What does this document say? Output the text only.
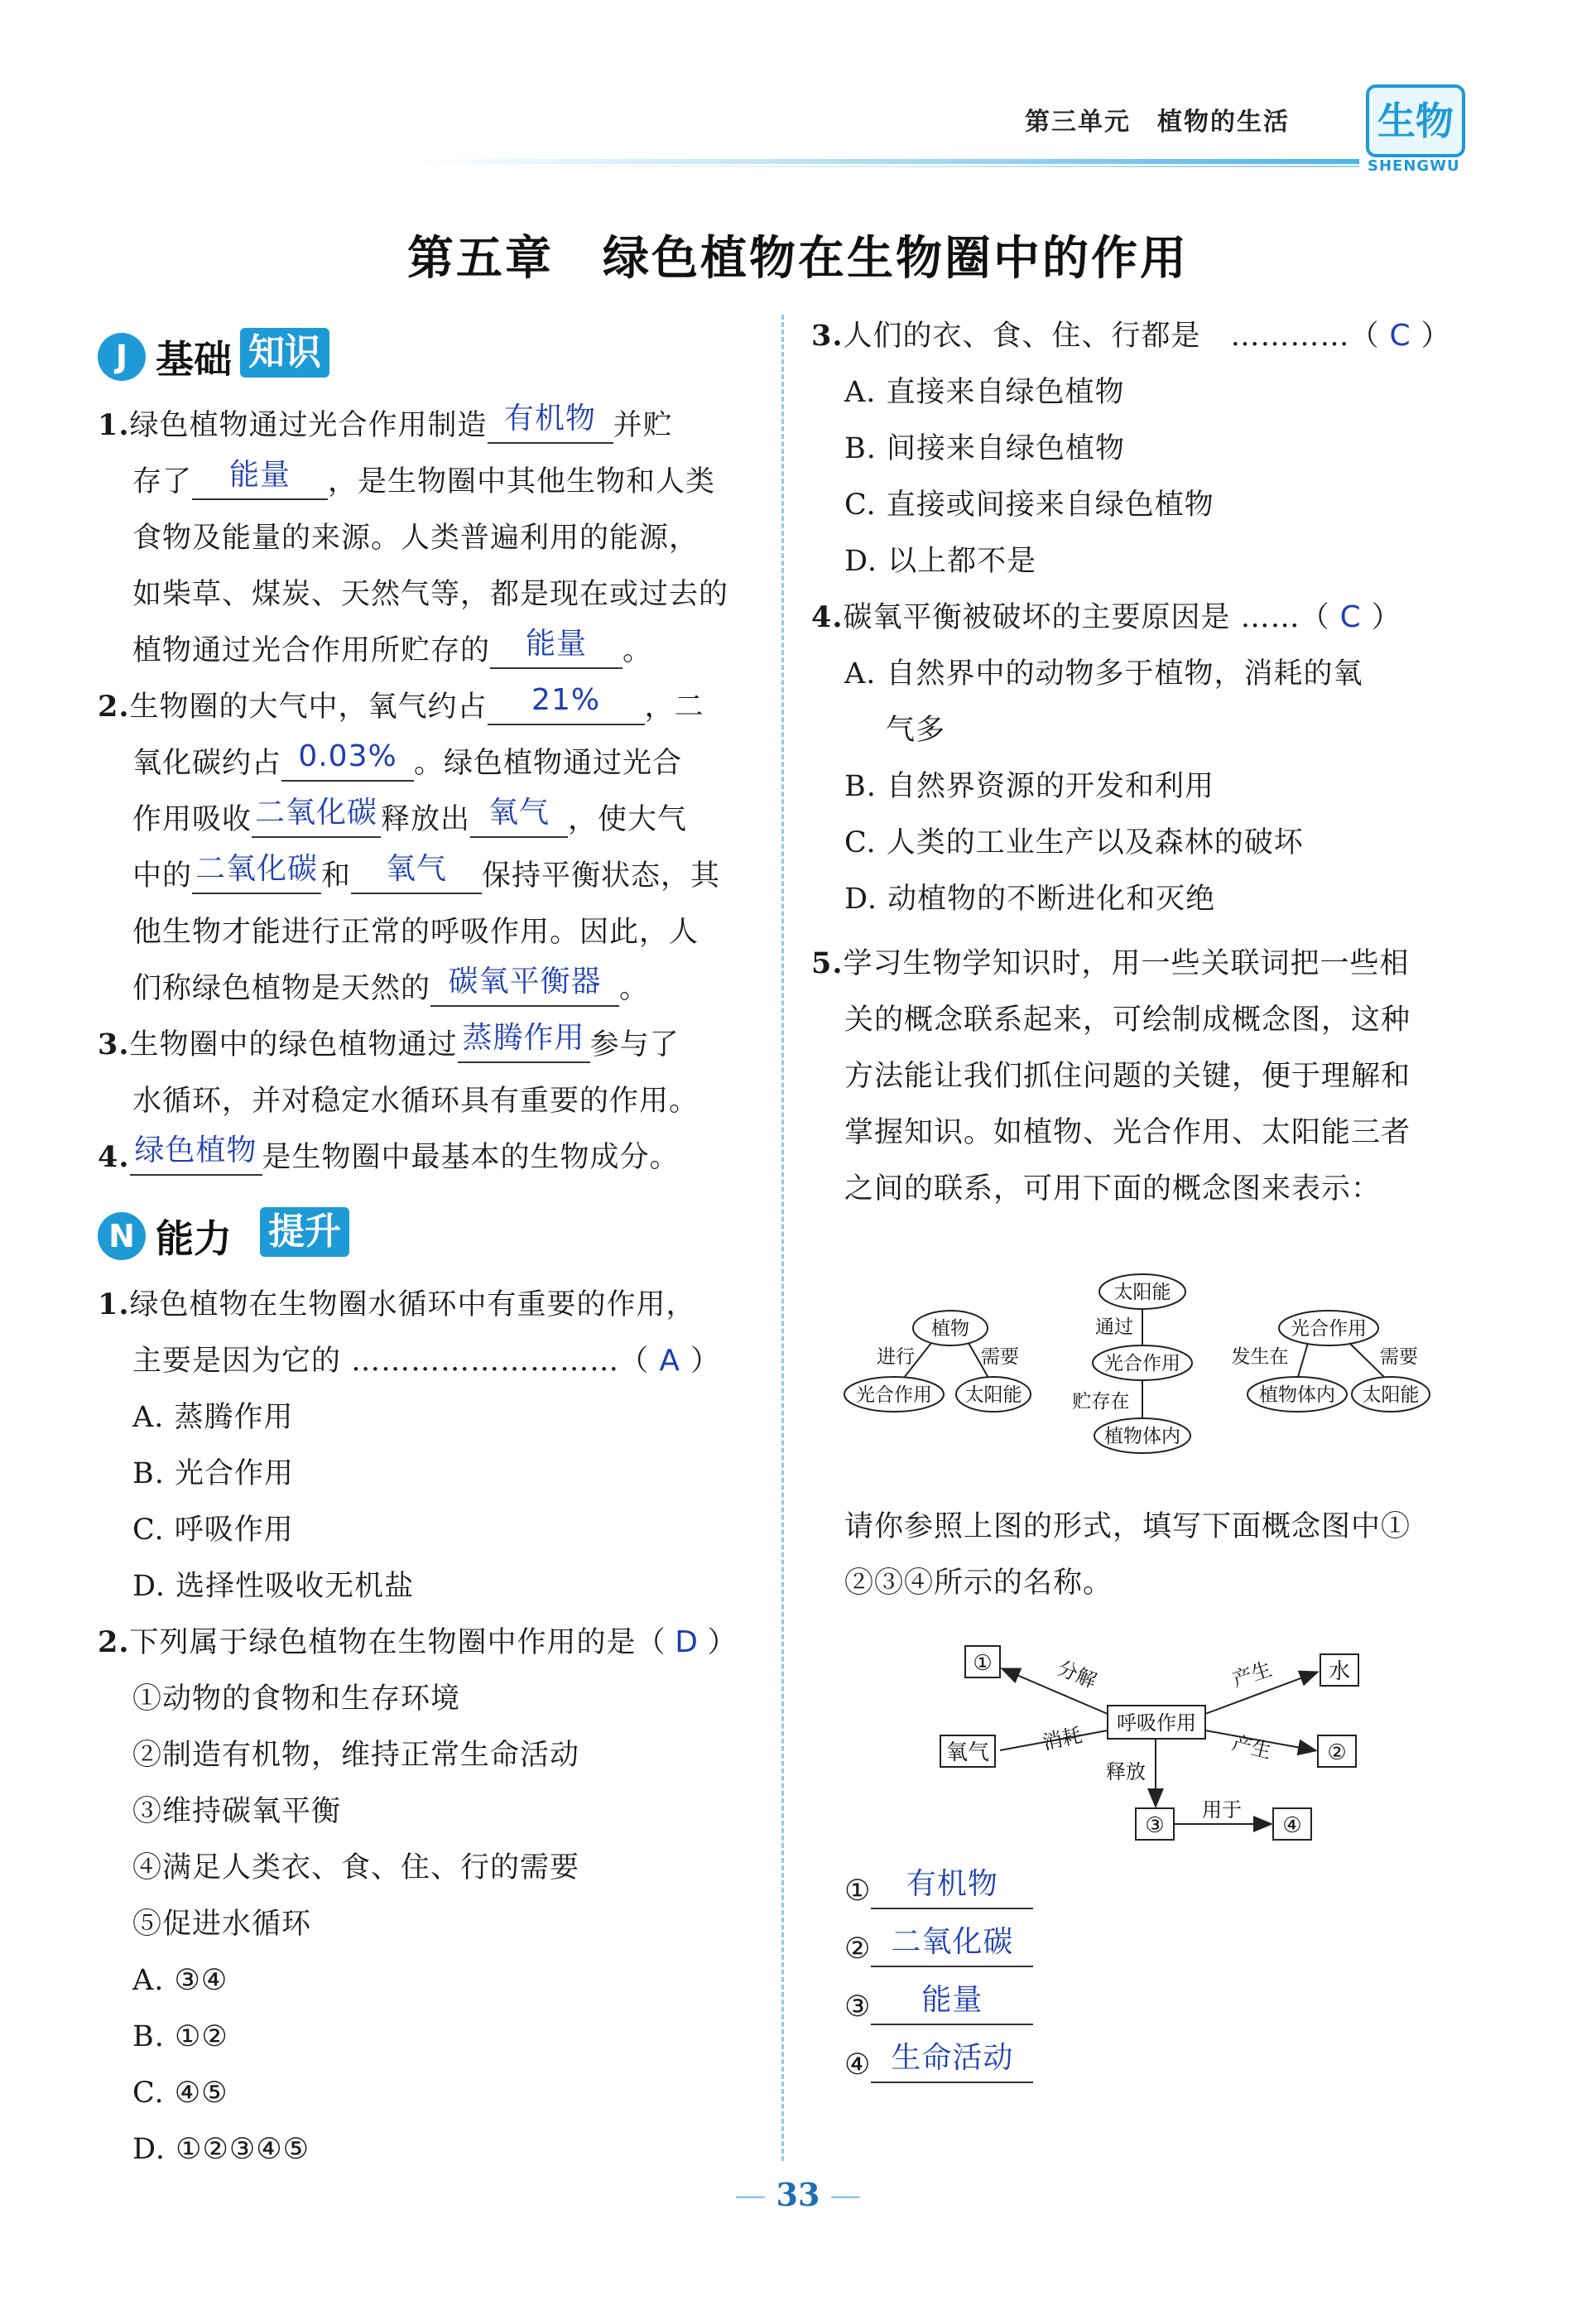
第三单元　植物的生活	生物
SHENGWU
第五章　绿色植物在生物圈中的作用
J 基础 知识
1.绿色植物通过光合作用制造 有机物 并贮
存了 能量 ，是生物圈中其他生物和人类
食物及能量的来源。人类普遍利用的能源，
如柴草、煤炭、天然气等，都是现在或过去的
植物通过光合作用所贮存的 能量 。
2.生物圈的大气中，氧气约占 21% ，二
氧化碳约占 0.03% 。绿色植物通过光合
作用吸收 二氧化碳 释放出 氧气 ，使大气
中的 二氧化碳 和 氧气 保持平衡状态，其
他生物才能进行正常的呼吸作用。因此，人
们称绿色植物是天然的 碳氧平衡器 。
3.生物圈中的绿色植物通过 蒸腾作用 参与了
水循环，并对稳定水循环具有重要的作用。
4. 绿色植物 是生物圈中最基本的生物成分。
N 能力 提升
1.绿色植物在生物圈水循环中有重要的作用，
主要是因为它的 ………………………（ A ）
A. 蒸腾作用
B. 光合作用
C. 呼吸作用
D. 选择性吸收无机盐
2.下列属于绿色植物在生物圈中作用的是（ D ）
①动物的食物和生存环境
②制造有机物，维持正常生命活动
③维持碳氧平衡
④满足人类衣、食、住、行的需要
⑤促进水循环
A. ③④
B. ①②
C. ④⑤
D. ①②③④⑤
3.人们的衣、食、住、行都是　…………（ C ）
A. 直接来自绿色植物
B. 间接来自绿色植物
C. 直接或间接来自绿色植物
D. 以上都不是
4.碳氧平衡被破坏的主要原因是 ……（ C ）
A. 自然界中的动物多于植物，消耗的氧
气多
B. 自然界资源的开发和利用
C. 人类的工业生产以及森林的破坏
D. 动植物的不断进化和灭绝
5.学习生物学知识时，用一些关联词把一些相
关的概念联系起来，可绘制成概念图，这种
方法能让我们抓住问题的关键，便于理解和
掌握知识。如植物、光合作用、太阳能三者
之间的联系，可用下面的概念图来表示：
植物
光合作用 太阳能
进行	需要
太阳能
通过
光合作用
贮存在
植物体内
光合作用
植物体内 太阳能
发生在	需要
请你参照上图的形式，填写下面概念图中①
②③④所示的名称。
呼吸作用
①	水
氧气	②
③	④
分解	产生
消耗	产生
释放
用于
① 有机物
② 二氧化碳
③ 能量
④ 生命活动
— 33 —
